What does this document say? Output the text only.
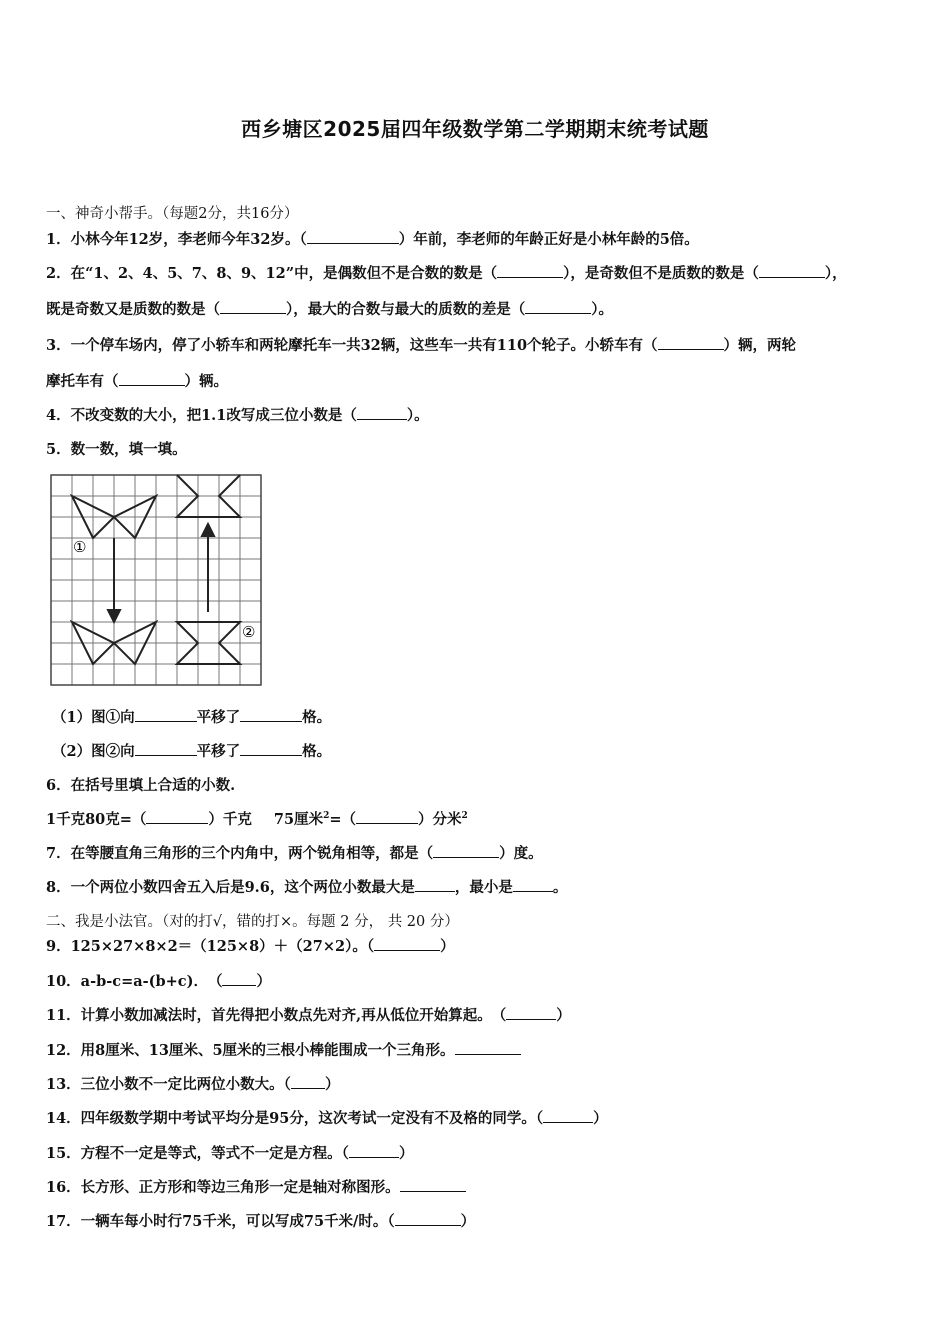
西乡塘区2025届四年级数学第二学期期末统考试题
一、神奇小帮手。（每题2分，共16分）
1．小林今年12岁，李老师今年32岁。（	）年前，李老师的年龄正好是小林年龄的5倍。
2．在“1、2、4、5、7、8、9、12”中，是偶数但不是合数的数是（	），是奇数但不是质数的数是（	），
既是奇数又是质数的数是（	），最大的合数与最大的质数的差是（	）。
3．一个停车场内，停了小轿车和两轮摩托车一共32辆，这些车一共有110个轮子。小轿车有（	）辆，两轮
摩托车有（	）辆。
4．不改变数的大小，把1.1改写成三位小数是（	）。
5．数一数，填一填。
①
②
（1）图①向	平移了	格。
（2）图②向	平移了	格。
6．在括号里填上合适的小数.
1千克80克=（	）千克 75厘米$^2$=（	）分米$^2$
7．在等腰直角三角形的三个内角中，两个锐角相等，都是（	）度。
8．一个两位小数四舍五入后是9.6，这个两位小数最大是	，最小是	。
二、我是小法官。（对的打√，错的打×。每题 2 分， 共 20 分）
9．125×27×8×2＝（125×8）＋（27×2）。（	）
10．a-b-c=a-(b+c)．　（ ）
11．计算小数加减法时，首先得把小数点先对齐,再从低位开始算起。　（	）
12．用8厘米、13厘米、5厘米的三根小棒能围成一个三角形。
13．三位小数不一定比两位小数大。（ ）
14．四年级数学期中考试平均分是95分，这次考试一定没有不及格的同学。（	）
15．方程不一定是等式，等式不一定是方程。（	）
16．长方形、正方形和等边三角形一定是轴对称图形。
17．一辆车每小时行75千米，可以写成75千米/时。（	）
